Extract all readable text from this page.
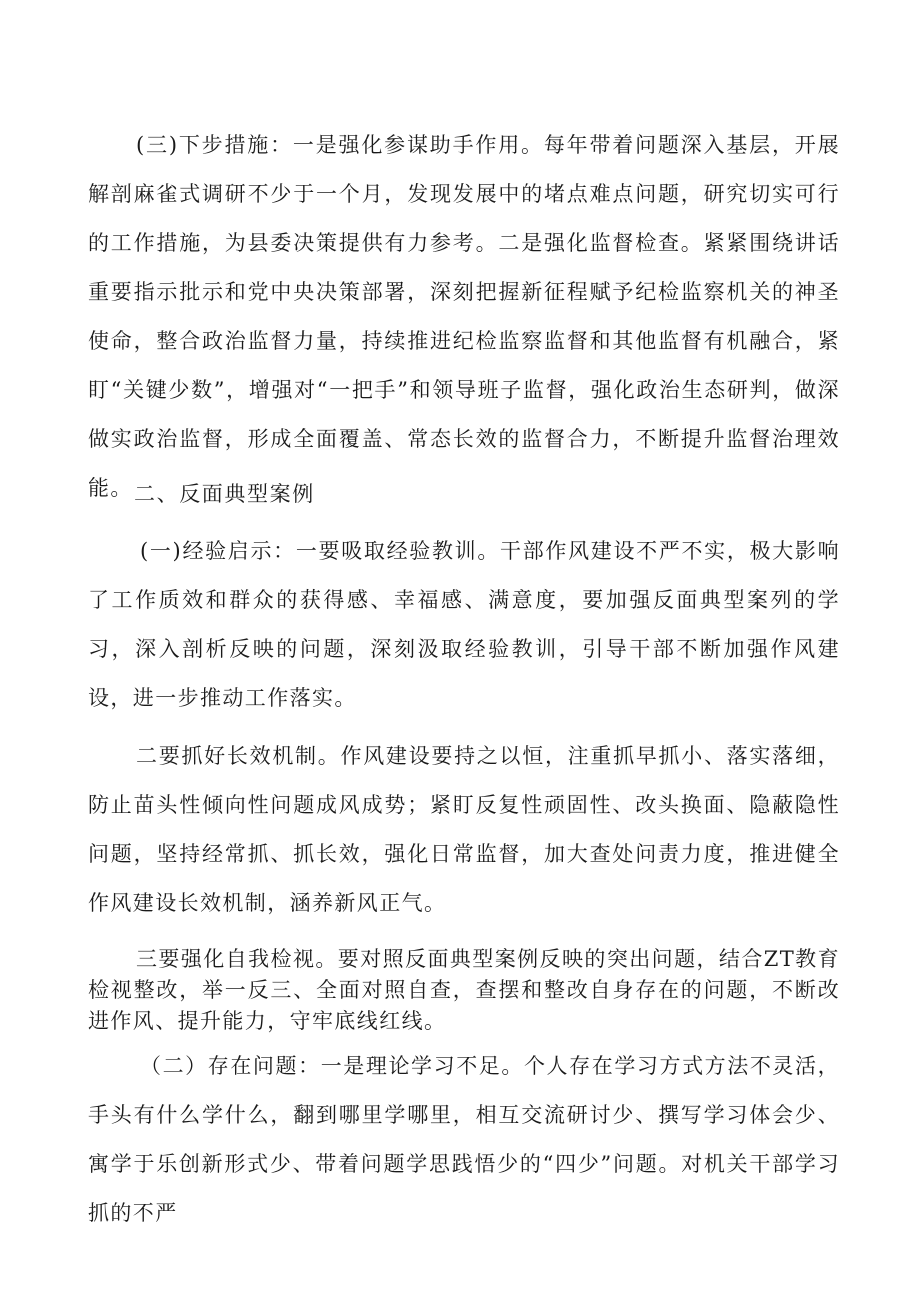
(三)下步措施：一是强化参谋助手作用。每年带着问题深入基层，开展解剖麻雀式调研不少于一个月，发现发展中的堵点难点问题，研究切实可行的工作措施，为县委决策提供有力参考。二是强化监督检查。紧紧围绕讲话重要指示批示和党中央决策部署，深刻把握新征程赋予纪检监察机关的神圣使命，整合政治监督力量，持续推进纪检监察监督和其他监督有机融合，紧盯“关键少数”，增强对“一把手”和领导班子监督，强化政治生态研判，做深做实政治监督，形成全面覆盖、常态长效的监督合力，不断提升监督治理效能。 二、反面典型案例

(一)经验启示：一要吸取经验教训。干部作风建设不严不实，极大影响了工作质效和群众的获得感、幸福感、满意度，要加强反面典型案列的学习，深入剖析反映的问题，深刻汲取经验教训，引导干部不断加强作风建设，进一步推动工作落实。

二要抓好长效机制。作风建设要持之以恒，注重抓早抓小、落实落细，防止苗头性倾向性问题成风成势；紧盯反复性顽固性、改头换面、隐蔽隐性问题，坚持经常抓、抓长效，强化日常监督，加大查处问责力度，推进健全作风建设长效机制，涵养新风正气。

三要强化自我检视。要对照反面典型案例反映的突出问题，结合ZT教育检视整改，举一反三、全面对照自查，查摆和整改自身存在的问题，不断改进作风、提升能力，守牢底线红线。

（二）存在问题：一是理论学习不足。个人存在学习方式方法不灵活，手头有什么学什么，翻到哪里学哪里，相互交流研讨少、撰写学习体会少、寓学于乐创新形式少、带着问题学思践悟少的“四少”问题。对机关干部学习抓的不严
